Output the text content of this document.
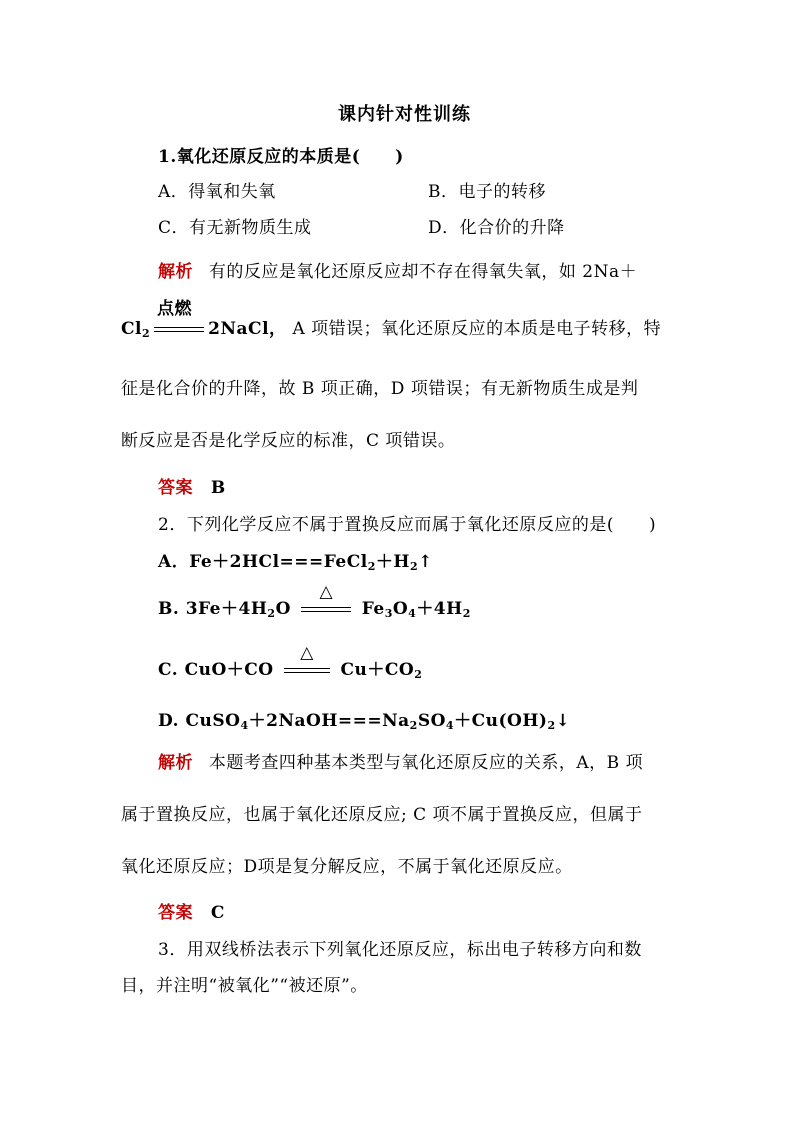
课内针对性训练
1.氧化还原反应的本质是(　　)
A．得氧和失氧	B．电子的转移
C．有无新物质生成	D．化合价的升降
解析 有的反应是氧化还原反应却不存在得氧失氧，如 2Na＋
点燃
$Cl_2$	2NaCl， A 项错误；氧化还原反应的本质是电子转移，特
征是化合价的升降，故 B 项正确，D 项错误；有无新物质生成是判
断反应是否是化学反应的标准，C 项错误。
答案 B
2．下列化学反应不属于置换反应而属于氧化还原反应的是(　　)
A．$Fe+2HCl===FeCl_2+H_2↑$
B. $3Fe+4H_2O$
△
$Fe_3O_4+4H_2$
C. CuO＋CO
△
$Cu+CO_2$
D. $CuSO_4+2NaOH===Na_2SO_4+Cu(OH)_2↓$
解析 本题考查四种基本类型与氧化还原反应的关系，A，B 项
属于置换反应，也属于氧化还原反应; C 项不属于置换反应，但属于
氧化还原反应；D项是复分解反应，不属于氧化还原反应。
答案 C
3．用双线桥法表示下列氧化还原反应，标出电子转移方向和数
目，并注明“被氧化”“被还原”。
